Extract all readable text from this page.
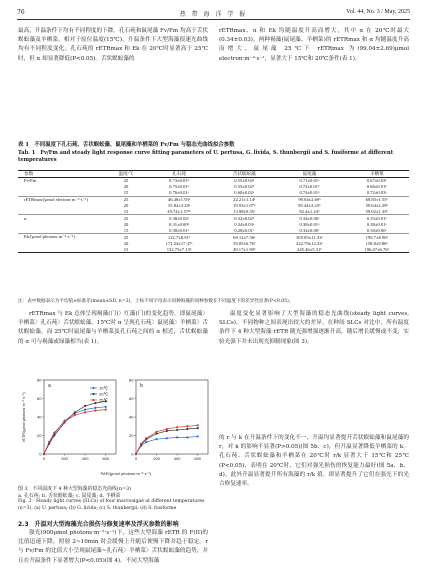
76	热 带 海 洋 学 报	Vol. 44, No. 3 / May, 2025
最高，升温条件下均有不同程度的下降。孔石莼和鼠尾藻 Fv/Fm 均高于舌状蜈蚣藻及羊栖菜。相对于原位温度(15℃)，升温条件下大型海藻很速光曲线均有不同程度变化。孔石莼的 rETRmax 和 Ek 在 20℃时显著高于 25℃时，但 α 却显著降低(P<0.05)。舌状蜈蚣藻的
rETRmax、α 和 Ek 均随温度升高而增大，其中 α 在 20℃时最大(0.34±0.03)。两种褐藻(鼠尾藻、羊栖菜)的 rETRmax 和 α 均随温度升高而增大，鼠尾藻 25℃下 rETRmax 为(99.04±2.69)μmol electron·m⁻²·s⁻¹，显著大于 15℃和 20℃条件(表 1)。
表 1　不同温度下孔石莼、舌状蜈蚣藻、鼠尾藻和羊栖菜的 Fv/Fm 与稳态光曲线拟合参数
Tab. 1　Fv/Fm and steady light response curve fitting parameters of U. pertusa, G. livida, S. thunbergii and S. fusiforme at different temperatures
参数	温度/℃	孔石莼	舌状蜈蚣藻	鼠尾藻	羊栖菜
Fv/Fm	25	0.73±0.01ᵇ	0.55±0.04ᵇ	0.71±0.01ᵃ	0.67±0.03ᵇ
	20	0.75±0.01ᵃ	0.55±0.02ᵇ	0.72±0.01ᵇ	0.66±0.01ᵇ
	15	0.76±0.01ᵃ	0.60±0.02ᵃ	0.74±0.01ᵃ	0.72±0.03ᵃ
rETRmax/(μmol electron·m⁻²·s⁻¹)	25	46.48±1.93ᵇ	22.21±1.14ᵃ	99.04±2.69ᵃ	68.83±1.55ᵃ
	20	55.82±3.20ᵃ	19.93±1.07ᵇ	85.44±3.25ᵇ	59.64±2.29ᵇ
	15	49.74±1.57ᵃᵇ	13.98±0.55ᶜ	82.4±1.24ᵇ	59.02±1.33ᵇ
α	25	0.38±0.02ᵃ	0.32±0.02ᵇ	0.34±0.00ᵃ	0.33±0.01ᵃ
	20	0.31±0.00ᵇ	0.34±0.03ᵃ	0.38±0.01ᵃ	0.38±0.01ᵃ
	15	0.38±0.01ᵃ	0.28±0.01ᶜ	0.32±0.00ᶜ	0.30±0.00ᶜ
Ek/(μmol photons·m⁻²·s⁻¹)	25	122.7±8.91ᵇ	69.12±7.56ᵃ	305.85±11.33ᵃ	199.7±8.90ᵃ
	20	172.24±17.47ᵃ	59.05±6.76ᵇ	222.79±12.32ᵃ	158.8±9.86ᵇ
	15	132.75±7.13ᵇ	49.17±1.90ᵇ	245.46±5.31ᵇ	196.67±6.76ᵇ
注：表中数据表示为平均值±标准差(mean±SD, n=3)，上标不同字母表示同种海藻的同种参数在不同温度下的差异性显著(P<0.05)。
温度变化显著影响了大型海藻的稳态光曲线(steady light curves, SLCs)，不同物种之间表现出较大的差异。在种间 SLCs 对比中，所有温度条件下 4 种大型海藻 rETR 随光强增强逐渐升高，随后增长缓慢或不变，实验光强下并未出现光抑制现象(图 3)。
rETRmax 与 Ek 总体呈现褐藻(门)〉红藻(门)的变化趋势，即鼠尾藻〉羊栖菜〉孔石莼〉舌状蜈蚣藻。15℃时 α 呈现孔石莼〉鼠尾藻〉羊栖菜〉舌状蜈蚣藻，而 25℃时鼠尾藻与羊栖菜及孔石莼之间的 α 相近，舌状蜈蚣藻的 α 可与褐藻或绿藻相当(表 1)。
0	200	400	600
0
20
40
60
80
a
0	200	400	600
0
20
40
60
80
b
15℃
20℃
25℃
rETR/(μmol photons·m⁻²·s⁻¹)
PAR/(μmol photons·m⁻²·s⁻¹)
图 3　不同温度下 4 种大型海藻的稳态光曲线(n=3)
a. 孔石莼; b. 舌状蜈蚣藻; c. 鼠尾藻; d. 羊栖菜
Fig. 3　Steady light curves (SLCs) of four macroalgae at different temperatures (n=3). (a) U. pertusa; (b) G. livida; (c) S. thunbergii; (d) S. fusiforme
2.3　升温对大型海藻光合损伤与修复速率及浮灭参数的影响
强光(900μmol photons·m⁻²·s⁻¹)下，这些大型海藻 rETR 的 F(II)的比值迅速下降，照射 2~10min 时会缓慢上升随后便慢下降并趋于稳定。r 与 Fv/Fm 的比值大小呈现鼠尾藻~孔石莼〉羊栖菜〉舌状蜈蚣藻的趋势，并且在升温条件下显著增大(P<0.05)(图 4)。不同大型海藻
的 r 与 k 在升温条件下的变化不一，升温均显著提升舌状蜈蚣藻和鼠尾藻的 r，对 k 的影响不显著(P>0.05)(图 5b、c)，但升温显著降低羊栖菜的 k。孔石莼、舌状蜈蚣藻和羊栖菜在 20℃时 r/k 显著大于 15℃和 25℃(P<0.05)，表明在 20℃时，它们对强光损伤的恢复能力最好(图 5a、b、d)。此外升温显著提升所有海藻的 r/k 值，即显著提升了它们在强光下的光合修复速率。
